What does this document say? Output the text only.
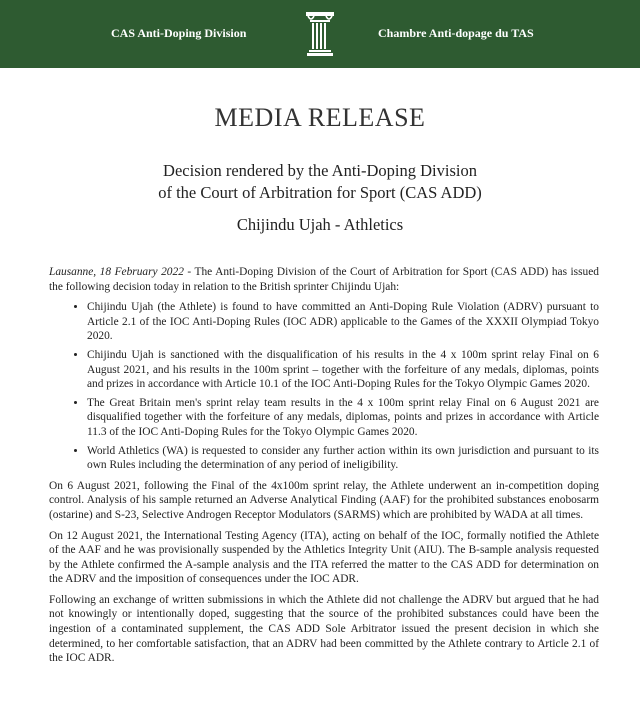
CAS Anti-Doping Division	Chambre Anti-dopage du TAS
MEDIA RELEASE
Decision rendered by the Anti-Doping Division
of the Court of Arbitration for Sport (CAS ADD)
Chijindu Ujah - Athletics

Lausanne, 18 February 2022 - The Anti-Doping Division of the Court of Arbitration for Sport (CAS ADD) has issued the following decision today in relation to the British sprinter Chijindu Ujah:

• Chijindu Ujah (the Athlete) is found to have committed an Anti-Doping Rule Violation (ADRV) pursuant to Article 2.1 of the IOC Anti-Doping Rules (IOC ADR) applicable to the Games of the XXXII Olympiad Tokyo 2020.
• Chijindu Ujah is sanctioned with the disqualification of his results in the 4 x 100m sprint relay Final on 6 August 2021, and his results in the 100m sprint – together with the forfeiture of any medals, diplomas, points and prizes in accordance with Article 10.1 of the IOC Anti-Doping Rules for the Tokyo Olympic Games 2020.
• The Great Britain men's sprint relay team results in the 4 x 100m sprint relay Final on 6 August 2021 are disqualified together with the forfeiture of any medals, diplomas, points and prizes in accordance with Article 11.3 of the IOC Anti-Doping Rules for the Tokyo Olympic Games 2020.
• World Athletics (WA) is requested to consider any further action within its own jurisdiction and pursuant to its own Rules including the determination of any period of ineligibility.

On 6 August 2021, following the Final of the 4x100m sprint relay, the Athlete underwent an in-competition doping control. Analysis of his sample returned an Adverse Analytical Finding (AAF) for the prohibited substances enobosarm (ostarine) and S-23, Selective Androgen Receptor Modulators (SARMS) which are prohibited by WADA at all times.

On 12 August 2021, the International Testing Agency (ITA), acting on behalf of the IOC, formally notified the Athlete of the AAF and he was provisionally suspended by the Athletics Integrity Unit (AIU). The B-sample analysis requested by the Athlete confirmed the A-sample analysis and the ITA referred the matter to the CAS ADD for determination on the ADRV and the imposition of consequences under the IOC ADR.

Following an exchange of written submissions in which the Athlete did not challenge the ADRV but argued that he had not knowingly or intentionally doped, suggesting that the source of the prohibited substances could have been the ingestion of a contaminated supplement, the CAS ADD Sole Arbitrator issued the present decision in which she determined, to her comfortable satisfaction, that an ADRV had been committed by the Athlete contrary to Article 2.1 of the IOC ADR.
